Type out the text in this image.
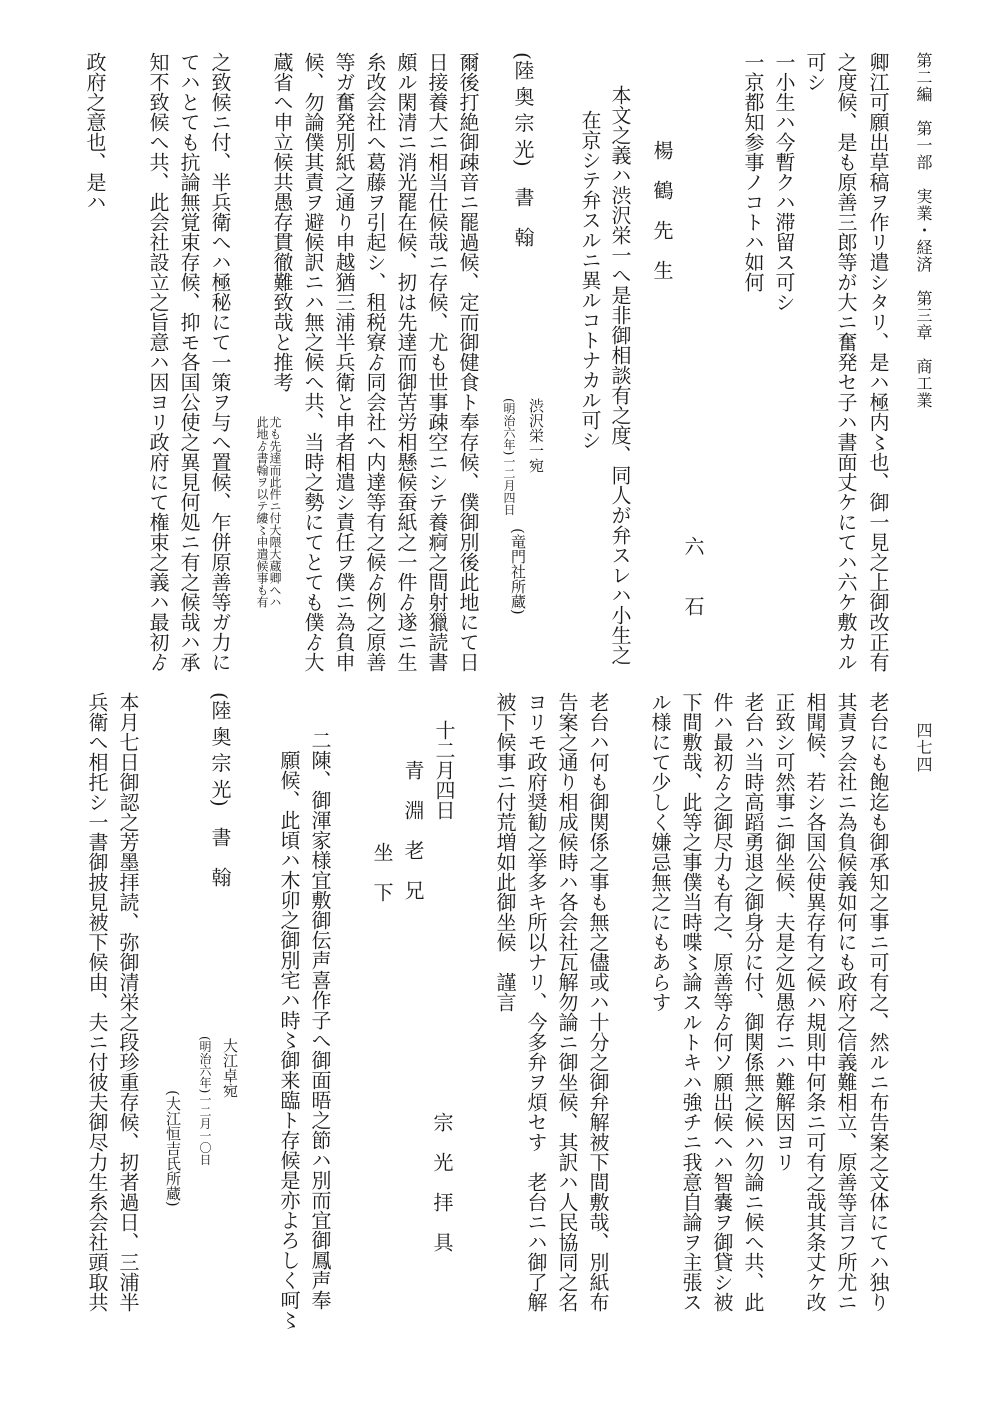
第二編　第一部　実業・経済　第三章　商工業
四七四
卿江可願出草稿ヲ作リ遣シタリ、是ハ極内〻也、御一見之上御改正有
之度候、是も原善三郎等が大ニ奮発セ子ハ書面丈ケにてハ六ケ敷カル
可シ
一小生ハ今暫クハ滞留ス可シ
一京都知参事ノコトハ如何
六　　石
楊　鶴　先　生
本文之義ハ渋沢栄一へ是非御相談有之度、同人が弁スレハ小生之
在京シテ弁スルニ異ルコトナカル可シ
(陸 奥 宗 光)　書　翰
渋沢栄一宛
(明治六年)一二月四日
(竜門社所蔵)
爾後打絶御疎音ニ罷過候、定而御健食ト奉存候、僕御別後此地にて日
日接養大ニ相当仕候哉ニ存候、尤も世事疎空ニシテ養痾之間射獵読書
頗ル閑清ニ消光罷在候、扨は先達而御苦労相懸候蚕紙之一件ゟ遂ニ生
糸改会社へ葛藤ヲ引起シ、租税寮ゟ同会社へ内達等有之候ゟ例之原善
等ガ奮発別紙之通り申越猶三浦半兵衛と申者相遣シ責任ヲ僕ニ為負申
候、勿論僕其責ヲ避候訳ニハ無之候へ共、当時之勢にてとても僕ゟ大
蔵省へ申立候共愚存貫徹難致哉と推考
尤も先達而此件ニ付大隈大蔵卿へハ
此地ゟ書翰ヲ以テ縷〻申遣候事も有
之致候ニ付、半兵衛へハ極秘にて一策ヲ与へ置候、乍併原善等ガ力に
てハとても抗論無覚束存候、抑モ各国公使之異見何処ニ有之候哉ハ承
知不致候へ共、此会社設立之旨意ハ因ヨリ政府にて権束之義ハ最初ゟ
政府之意也、是ハ
老台にも飽迄も御承知之事ニ可有之、然ルニ布告案之文体にてハ独り
其責ヲ会社ニ為負候義如何にも政府之信義難相立、原善等言フ所尤ニ
相聞候、若シ各国公使異存有之候ハ規則中何条ニ可有之哉其条丈ケ改
正致シ可然事ニ御坐候、夫是之処愚存ニハ難解因ヨリ
老台ハ当時高蹈勇退之御身分に付、御関係無之候ハ勿論ニ候へ共、此
件ハ最初ゟ之御尽力も有之、原善等ゟ何ソ願出候へハ智嚢ヲ御貸シ被
下間敷哉、此等之事僕当時喋〻論スルトキハ強チニ我意自論ヲ主張ス
ル様にて少しく嫌忌無之にもあらす
老台ハ何も御関係之事も無之儘或ハ十分之御弁解被下間敷哉、別紙布
告案之通り相成候時ハ各会社瓦解勿論ニ御坐候、其訳ハ人民協同之名
ヨリモ政府奨勧之挙多キ所以ナリ、今多弁ヲ煩セす　老台ニハ御了解
被下候事ニ付荒増如此御坐候　謹言
宗　光　拝　具
十二月四日
青　淵　老　兄
坐　下
二陳、御渾家様宜敷御伝声喜作子へ御面晤之節ハ別而宜御鳳声奉
願候、此頃ハ木卯之御別宅ハ時〻御来臨ト存候是亦よろしく呵〻
(陸 奥 宗 光)　書　翰
大江卓宛
(明治六年)一二月一〇日
(大江恒吉氏所蔵)
本月七日御認之芳墨拝読、弥御清栄之段珍重存候、扨者過日、三浦半
兵衛へ相托シ一書御披見被下候由、夫ニ付彼夫御尽力生糸会社頭取共
